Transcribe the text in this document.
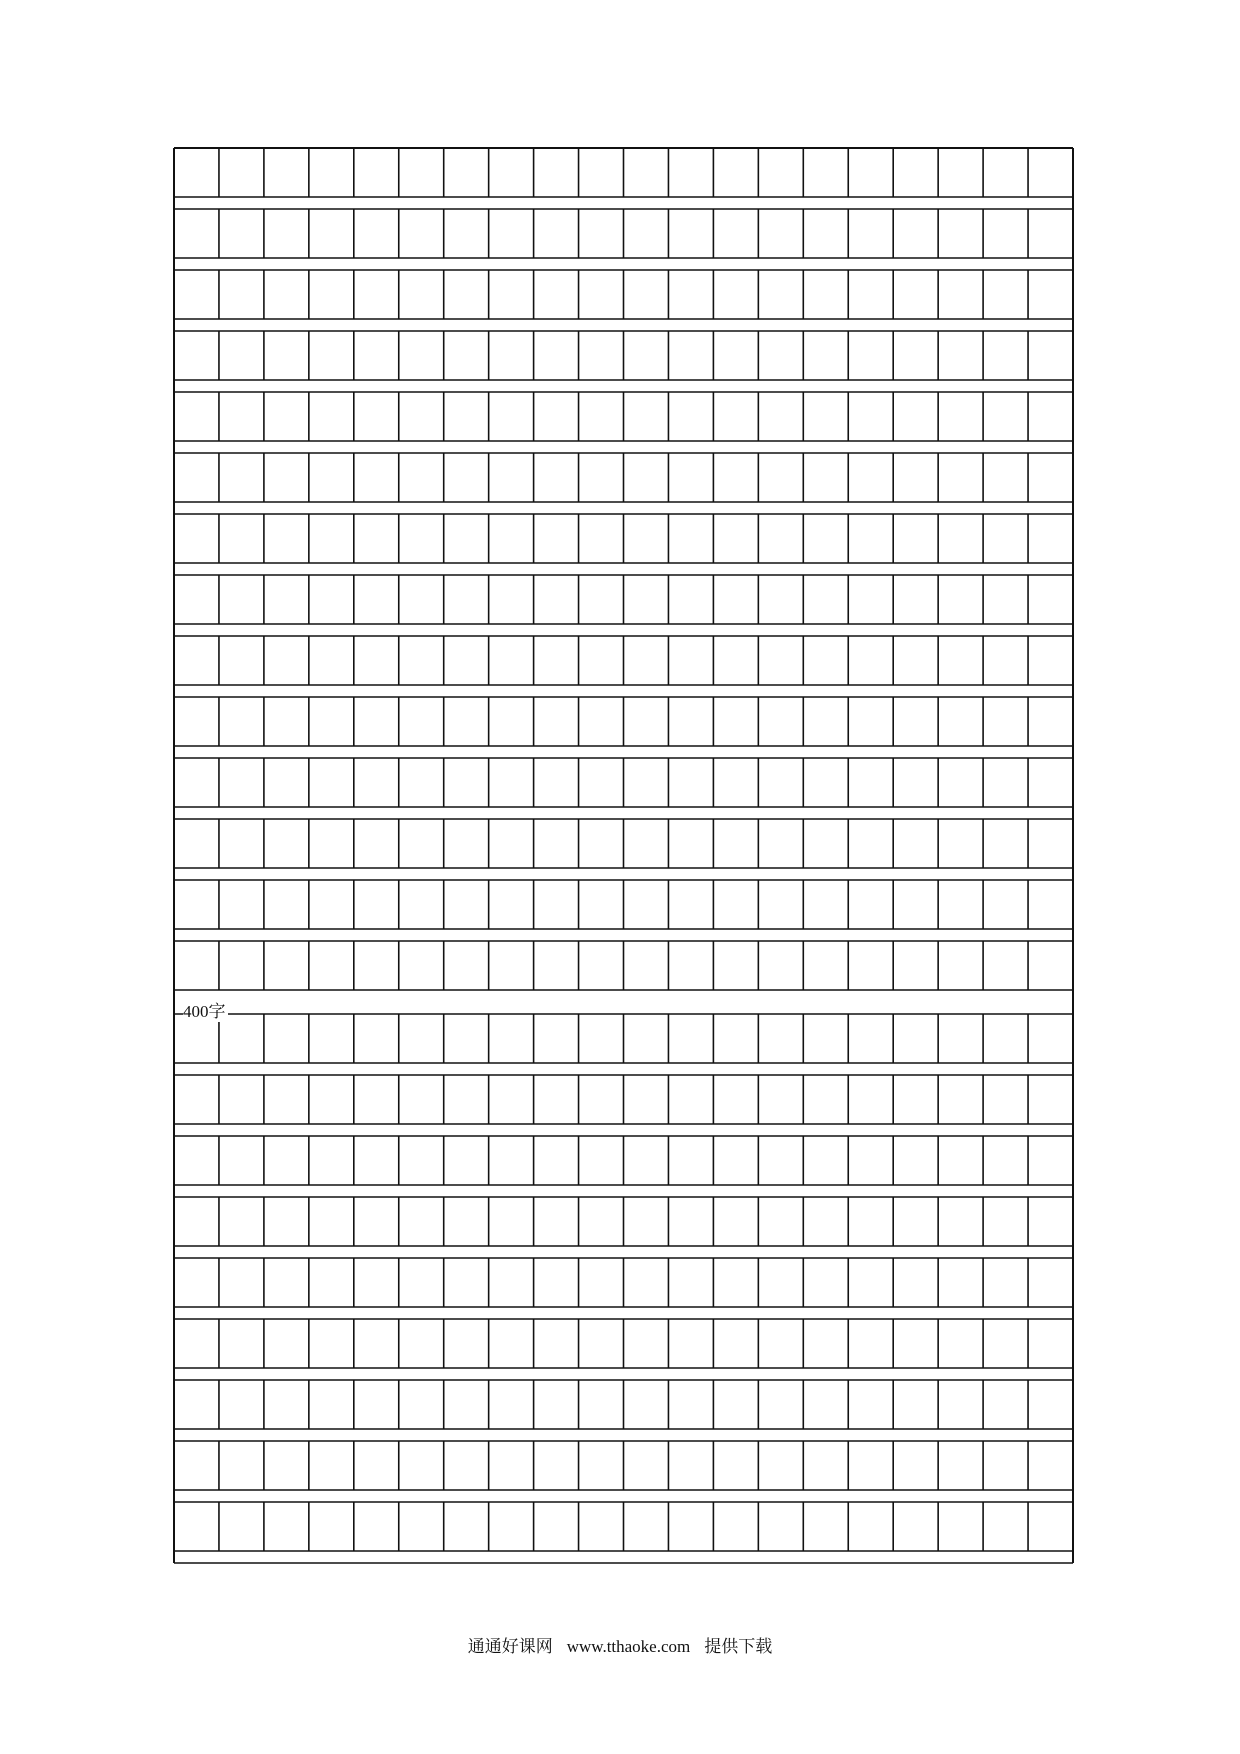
400字
通通好课网 www.tthaoke.com 提供下载
